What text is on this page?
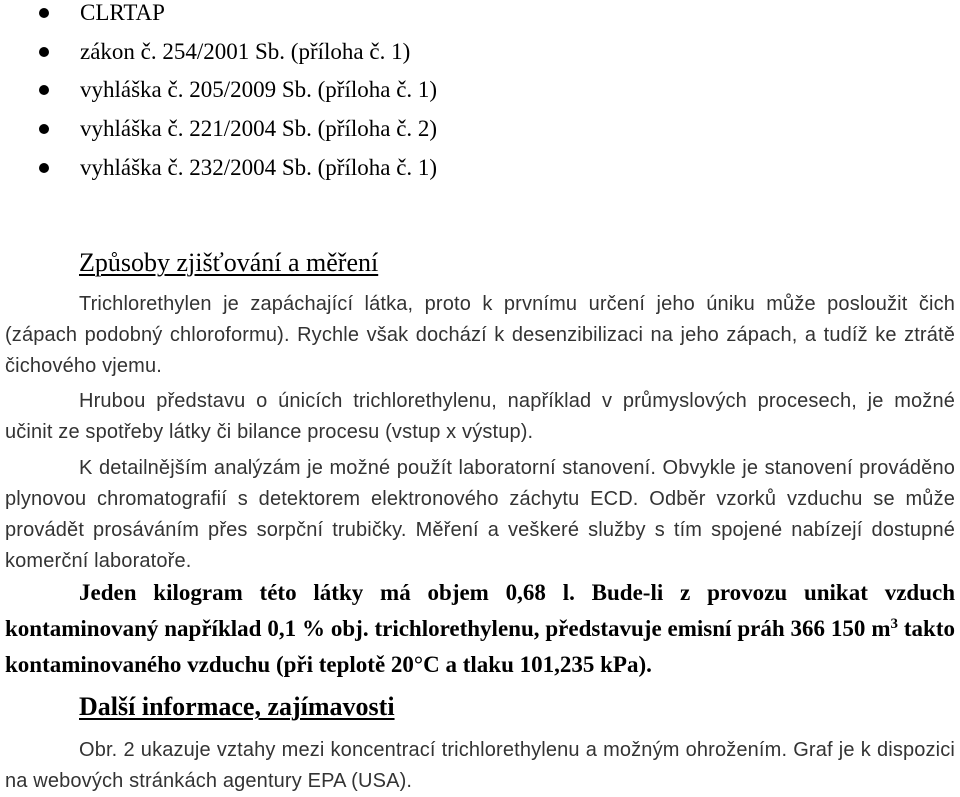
CLRTAP
zákon č. 254/2001 Sb. (příloha č. 1)
vyhláška č. 205/2009 Sb. (příloha č. 1)
vyhláška č. 221/2004 Sb. (příloha č. 2)
vyhláška č. 232/2004 Sb. (příloha č. 1)
Způsoby zjišťování a měření

Trichlorethylen je zapáchající látka, proto k prvnímu určení jeho úniku může posloužit čich (zápach podobný chloroformu). Rychle však dochází k desenzibilizaci na jeho zápach, a tudíž ke ztrátě čichového vjemu.

Hrubou představu o únicích trichlorethylenu, například v průmyslových procesech, je možné učinit ze spotřeby látky či bilance procesu (vstup x výstup).

K detailnějším analýzám je možné použít laboratorní stanovení. Obvykle je stanovení prováděno plynovou chromatografií s detektorem elektronového záchytu ECD. Odběr vzorků vzduchu se může provádět prosáváním přes sorpční trubičky. Měření a veškeré služby s tím spojené nabízejí dostupné komerční laboratoře.

Jeden kilogram této látky má objem 0,68 l. Bude-li z provozu unikat vzduch kontaminovaný například 0,1 % obj. trichlorethylenu, představuje emisní práh 366 150 $m^3$ takto kontaminovaného vzduchu (při teplotě 20°C a tlaku 101,235 kPa).

Další informace, zajímavosti

Obr. 2 ukazuje vztahy mezi koncentrací trichlorethylenu a možným ohrožením. Graf je k dispozici na webových stránkách agentury EPA (USA).
